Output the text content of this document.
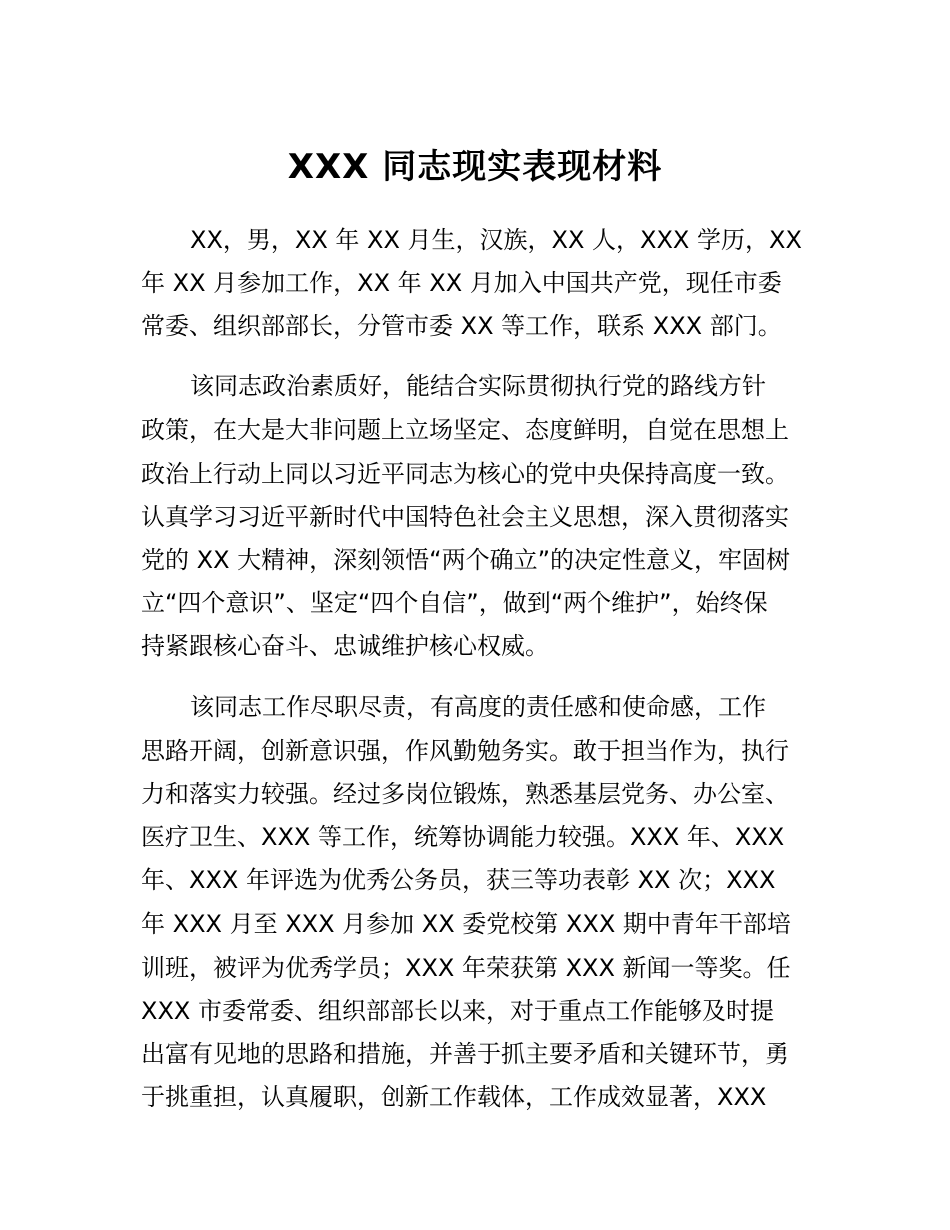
XXX 同志现实表现材料

XX，男，XX 年 XX 月生，汉族，XX 人，XXX 学历，XX

年 XX 月参加工作，XX 年 XX 月加入中国共产党，现任市委

常委、组织部部长，分管市委 XX 等工作，联系 XXX 部门。

该同志政治素质好，能结合实际贯彻执行党的路线方针

政策，在大是大非问题上立场坚定、态度鲜明，自觉在思想上

政治上行动上同以习近平同志为核心的党中央保持高度一致。

认真学习习近平新时代中国特色社会主义思想，深入贯彻落实

党的 XX 大精神，深刻领悟“两个确立”的决定性意义，牢固树

立“四个意识”、坚定“四个自信”，做到“两个维护”，始终保

持紧跟核心奋斗、忠诚维护核心权威。

该同志工作尽职尽责，有高度的责任感和使命感，工作

思路开阔，创新意识强，作风勤勉务实。敢于担当作为，执行

力和落实力较强。经过多岗位锻炼，熟悉基层党务、办公室、

医疗卫生、XXX 等工作，统筹协调能力较强。XXX 年、XXX

年、XXX 年评选为优秀公务员，获三等功表彰 XX 次；XXX

年 XXX 月至 XXX 月参加 XX 委党校第 XXX 期中青年干部培

训班，被评为优秀学员；XXX 年荣获第 XXX 新闻一等奖。任

XXX 市委常委、组织部部长以来，对于重点工作能够及时提

出富有见地的思路和措施，并善于抓主要矛盾和关键环节，勇

于挑重担，认真履职，创新工作载体，工作成效显著，XXX
